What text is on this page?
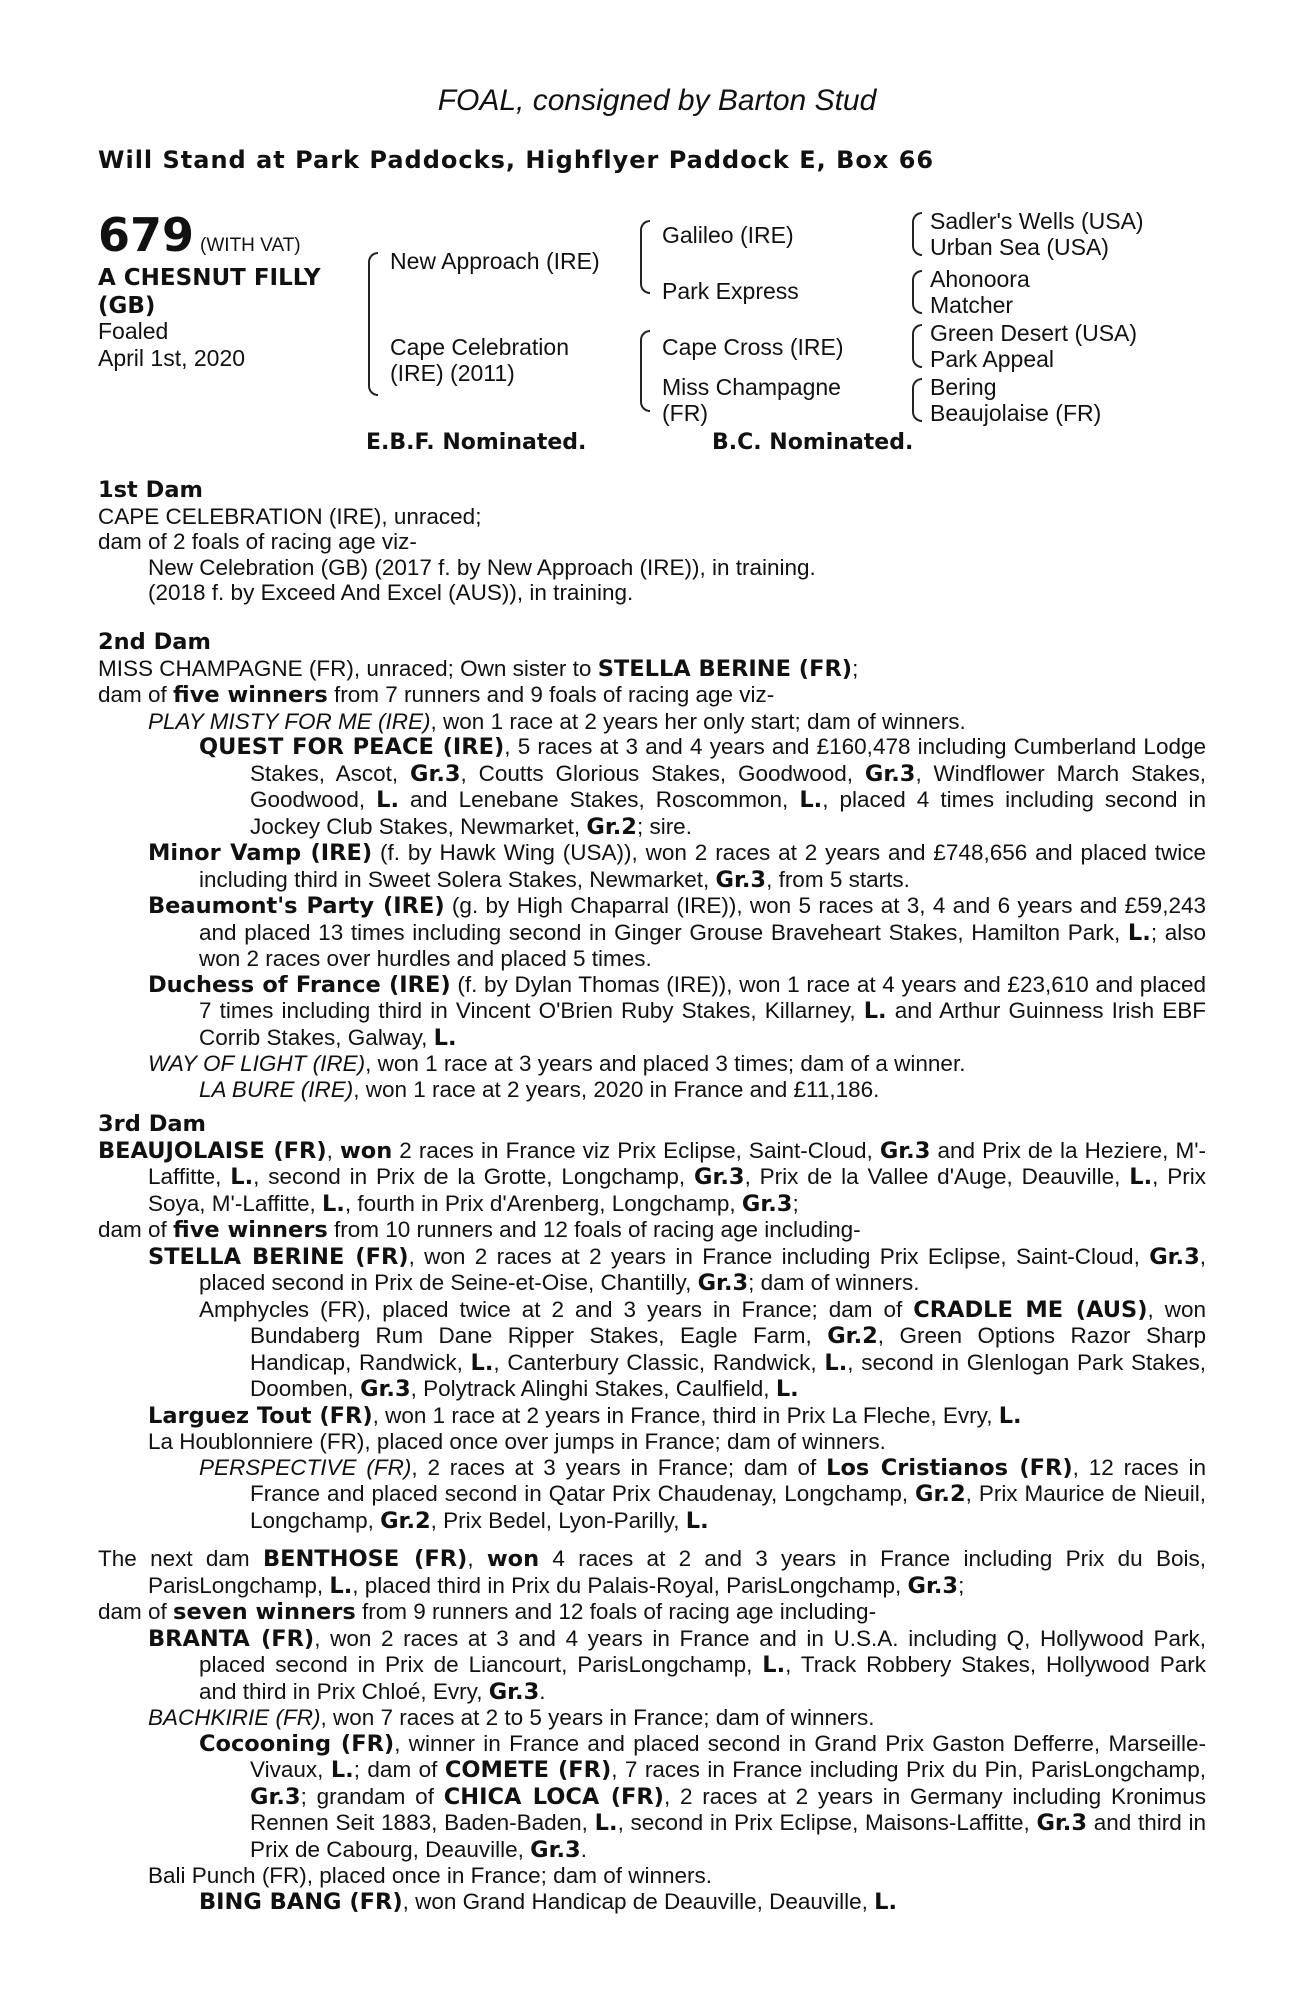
FOAL, consigned by Barton Stud
Will Stand at Park Paddocks, Highflyer Paddock E, Box 66
679 (WITH VAT)
A CHESNUT FILLY (GB)
Foaled
April 1st, 2020
New Approach (IRE)
Cape Celebration (IRE) (2011)
Galileo (IRE)
Park Express
Cape Cross (IRE)
Miss Champagne (FR)
Sadler's Wells (USA)
Urban Sea (USA)
Ahonoora
Matcher
Green Desert (USA)
Park Appeal
Bering
Beaujolaise (FR)
E.B.F. Nominated.	B.C. Nominated.

1st Dam

CAPE CELEBRATION (IRE), unraced;

dam of 2 foals of racing age viz-

New Celebration (GB) (2017 f. by New Approach (IRE)), in training.

(2018 f. by Exceed And Excel (AUS)), in training.

2nd Dam

MISS CHAMPAGNE (FR), unraced; Own sister to STELLA BERINE (FR);

dam of five winners from 7 runners and 9 foals of racing age viz-

PLAY MISTY FOR ME (IRE), won 1 race at 2 years her only start; dam of winners.

QUEST FOR PEACE (IRE), 5 races at 3 and 4 years and £160,478 including Cumberland Lodge Stakes, Ascot, Gr.3, Coutts Glorious Stakes, Goodwood, Gr.3, Windflower March Stakes, Goodwood, L. and Lenebane Stakes, Roscommon, L., placed 4 times including second in Jockey Club Stakes, Newmarket, Gr.2; sire.

Minor Vamp (IRE) (f. by Hawk Wing (USA)), won 2 races at 2 years and £748,656 and placed twice including third in Sweet Solera Stakes, Newmarket, Gr.3, from 5 starts.

Beaumont's Party (IRE) (g. by High Chaparral (IRE)), won 5 races at 3, 4 and 6 years and £59,243 and placed 13 times including second in Ginger Grouse Braveheart Stakes, Hamilton Park, L.; also won 2 races over hurdles and placed 5 times.

Duchess of France (IRE) (f. by Dylan Thomas (IRE)), won 1 race at 4 years and £23,610 and placed 7 times including third in Vincent O'Brien Ruby Stakes, Killarney, L. and Arthur Guinness Irish EBF Corrib Stakes, Galway, L.

WAY OF LIGHT (IRE), won 1 race at 3 years and placed 3 times; dam of a winner.

LA BURE (IRE), won 1 race at 2 years, 2020 in France and £11,186.

3rd Dam

BEAUJOLAISE (FR), won 2 races in France viz Prix Eclipse, Saint-Cloud, Gr.3 and Prix de la Heziere, M'-Laffitte, L., second in Prix de la Grotte, Longchamp, Gr.3, Prix de la Vallee d'Auge, Deauville, L., Prix Soya, M'-Laffitte, L., fourth in Prix d'Arenberg, Longchamp, Gr.3;

dam of five winners from 10 runners and 12 foals of racing age including-

STELLA BERINE (FR), won 2 races at 2 years in France including Prix Eclipse, Saint-Cloud, Gr.3, placed second in Prix de Seine-et-Oise, Chantilly, Gr.3; dam of winners.

Amphycles (FR), placed twice at 2 and 3 years in France; dam of CRADLE ME (AUS), won Bundaberg Rum Dane Ripper Stakes, Eagle Farm, Gr.2, Green Options Razor Sharp Handicap, Randwick, L., Canterbury Classic, Randwick, L., second in Glenlogan Park Stakes, Doomben, Gr.3, Polytrack Alinghi Stakes, Caulfield, L.

Larguez Tout (FR), won 1 race at 2 years in France, third in Prix La Fleche, Evry, L.

La Houblonniere (FR), placed once over jumps in France; dam of winners.

PERSPECTIVE (FR), 2 races at 3 years in France; dam of Los Cristianos (FR), 12 races in France and placed second in Qatar Prix Chaudenay, Longchamp, Gr.2, Prix Maurice de Nieuil, Longchamp, Gr.2, Prix Bedel, Lyon-Parilly, L.

The next dam BENTHOSE (FR), won 4 races at 2 and 3 years in France including Prix du Bois, ParisLongchamp, L., placed third in Prix du Palais-Royal, ParisLongchamp, Gr.3;

dam of seven winners from 9 runners and 12 foals of racing age including-

BRANTA (FR), won 2 races at 3 and 4 years in France and in U.S.A. including Q, Hollywood Park, placed second in Prix de Liancourt, ParisLongchamp, L., Track Robbery Stakes, Hollywood Park and third in Prix Chloé, Evry, Gr.3.

BACHKIRIE (FR), won 7 races at 2 to 5 years in France; dam of winners.

Cocooning (FR), winner in France and placed second in Grand Prix Gaston Defferre, Marseille-Vivaux, L.; dam of COMETE (FR), 7 races in France including Prix du Pin, ParisLongchamp, Gr.3; grandam of CHICA LOCA (FR), 2 races at 2 years in Germany including Kronimus Rennen Seit 1883, Baden-Baden, L., second in Prix Eclipse, Maisons-Laffitte, Gr.3 and third in Prix de Cabourg, Deauville, Gr.3.

Bali Punch (FR), placed once in France; dam of winners.

BING BANG (FR), won Grand Handicap de Deauville, Deauville, L.
